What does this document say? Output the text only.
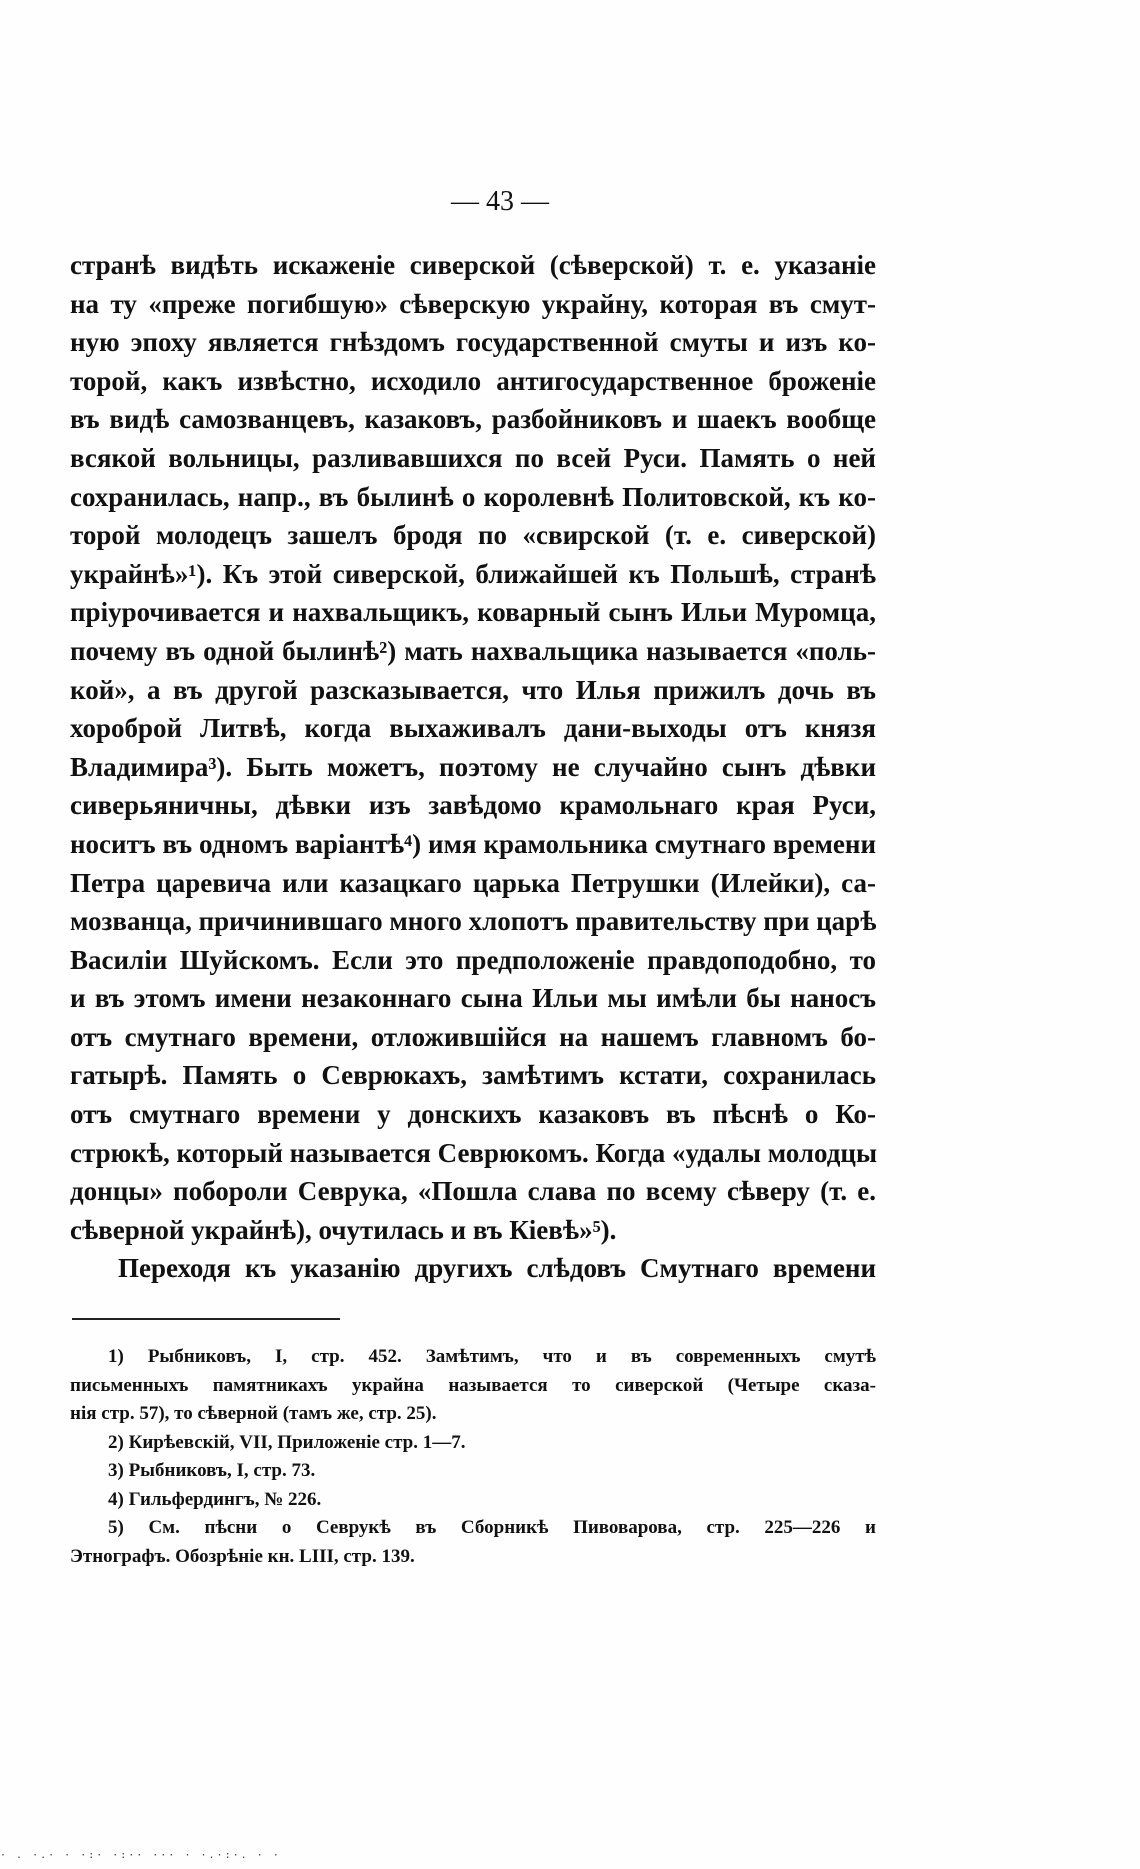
— 43 —
странѣ видѣть искаженіе сиверской (сѣверской) т. е. указаніе
на ту «преже погибшую» сѣверскую украйну, которая въ смут-
ную эпоху является гнѣздомъ государственной смуты и изъ ко-
торой, какъ извѣстно, исходило антигосударственное броженіе
въ видѣ самозванцевъ, казаковъ, разбойниковъ и шаекъ вообще
всякой вольницы, разливавшихся по всей Руси. Память о ней
сохранилась, напр., въ былинѣ о королевнѣ Политовской, къ ко-
торой молодецъ зашелъ бродя по «свирской (т. е. сиверской)
украйнѣ»¹). Къ этой сиверской, ближайшей къ Польшѣ, странѣ
пріурочивается и нахвальщикъ, коварный сынъ Ильи Муромца,
почему въ одной былинѣ²) мать нахвальщика называется «поль-
кой», а въ другой разсказывается, что Илья прижилъ дочь въ
хороброй Литвѣ, когда выхаживалъ дани-выходы отъ князя
Владимира³). Быть можетъ, поэтому не случайно сынъ дѣвки
сиверьяничны, дѣвки изъ завѣдомо крамольнаго края Руси,
носитъ въ одномъ варіантѣ⁴) имя крамольника смутнаго времени
Петра царевича или казацкаго царька Петрушки (Илейки), са-
мозванца, причинившаго много хлопотъ правительству при царѣ
Василіи Шуйскомъ. Если это предположеніе правдоподобно, то
и въ этомъ имени незаконнаго сына Ильи мы имѣли бы наносъ
отъ смутнаго времени, отложившійся на нашемъ главномъ бо-
гатырѣ. Память о Севрюкахъ, замѣтимъ кстати, сохранилась
отъ смутнаго времени у донскихъ казаковъ въ пѣснѣ о Ко-
стрюкѣ, который называется Севрюкомъ. Когда «удалы молодцы
донцы» побороли Севрука, «Пошла слава по всему сѣверу (т. е.
сѣверной украйнѣ), очутилась и въ Кіевѣ»⁵).
Переходя къ указанію другихъ слѣдовъ Смутнаго времени
1) Рыбниковъ, I, стр. 452. Замѣтимъ, что и въ современныхъ смутѣ
письменныхъ памятникахъ украйна называется то сиверской (Четыре сказа-
нія стр. 57), то сѣверной (тамъ же, стр. 25).
2) Кирѣевскій, VII, Приложеніе стр. 1—7.
3) Рыбниковъ, I, стр. 73.
4) Гильфердингъ, № 226.
5) См. пѣсни о Севрукѣ въ Сборникѣ Пивоварова, стр. 225—226 и
Этнографъ. Обозрѣніе кн. LIII, стр. 139.
· . ·.· · ·:· ·:·· ··· · ·.·:·. · ·
